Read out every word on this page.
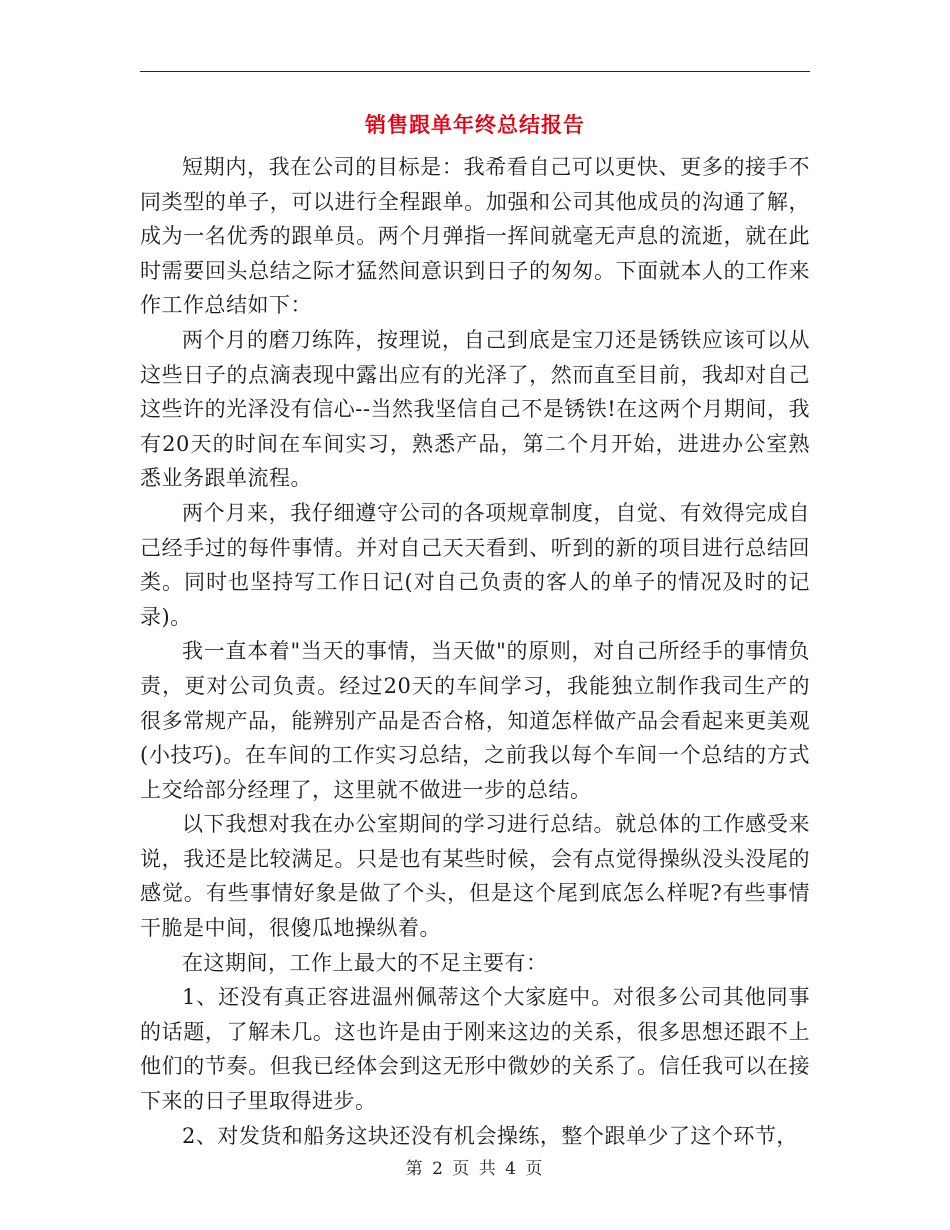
销售跟单年终总结报告

短期内，我在公司的目标是：我希看自己可以更快、更多的接手不同类型的单子，可以进行全程跟单。加强和公司其他成员的沟通了解，成为一名优秀的跟单员。两个月弹指一挥间就毫无声息的流逝，就在此时需要回头总结之际才猛然间意识到日子的匆匆。下面就本人的工作来作工作总结如下：

两个月的磨刀练阵，按理说，自己到底是宝刀还是锈铁应该可以从这些日子的点滴表现中露出应有的光泽了，然而直至目前，我却对自己这些许的光泽没有信心--当然我坚信自己不是锈铁!在这两个月期间，我有20天的时间在车间实习，熟悉产品，第二个月开始，进进办公室熟悉业务跟单流程。

两个月来，我仔细遵守公司的各项规章制度，自觉、有效得完成自己经手过的每件事情。并对自己天天看到、听到的新的项目进行总结回类。同时也坚持写工作日记(对自己负责的客人的单子的情况及时的记录)。

我一直本着"当天的事情，当天做"的原则，对自己所经手的事情负责，更对公司负责。经过20天的车间学习，我能独立制作我司生产的很多常规产品，能辨别产品是否合格，知道怎样做产品会看起来更美观(小技巧)。在车间的工作实习总结，之前我以每个车间一个总结的方式上交给部分经理了，这里就不做进一步的总结。

以下我想对我在办公室期间的学习进行总结。就总体的工作感受来说，我还是比较满足。只是也有某些时候，会有点觉得操纵没头没尾的感觉。有些事情好象是做了个头，但是这个尾到底怎么样呢?有些事情干脆是中间，很傻瓜地操纵着。

在这期间，工作上最大的不足主要有：

1、还没有真正容进温州佩蒂这个大家庭中。对很多公司其他同事的话题，了解未几。这也许是由于刚来这边的关系，很多思想还跟不上他们的节奏。但我已经体会到这无形中微妙的关系了。信任我可以在接下来的日子里取得进步。

2、对发货和船务这块还没有机会操练，整个跟单少了这个环节，

第 2 页 共 4 页
